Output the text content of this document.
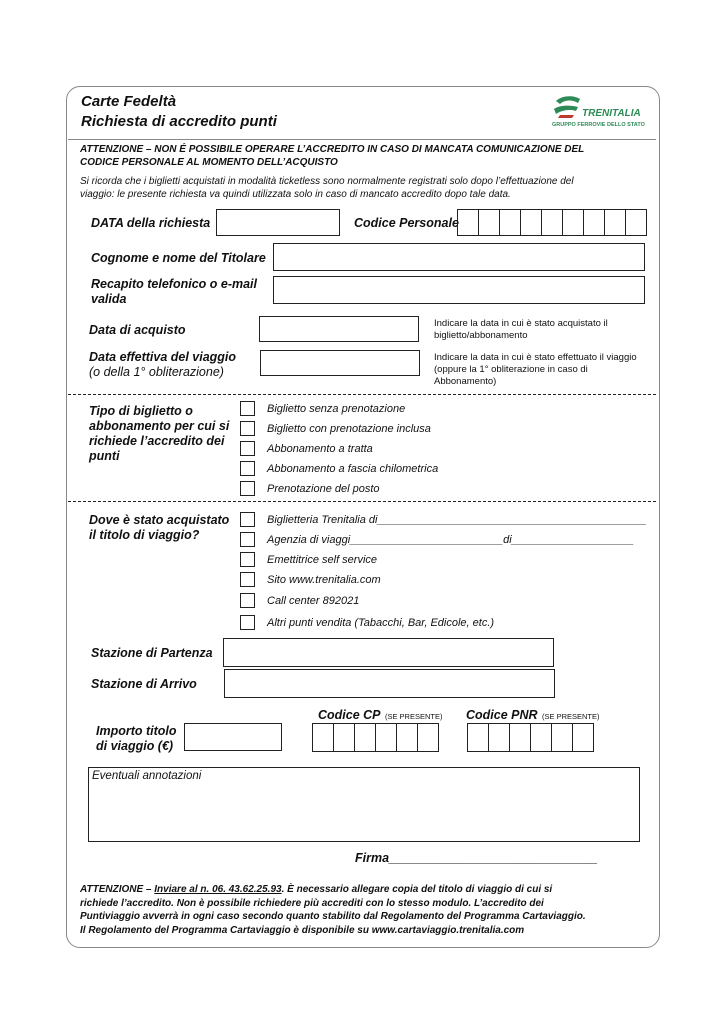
Carte Fedeltà
Richiesta di accredito punti	TRENITALIA
GRUPPO FERROVIE DELLO STATO
ATTENZIONE – NON É POSSIBILE OPERARE L’ACCREDITO IN CASO DI MANCATA COMUNICAZIONE DEL
CODICE PERSONALE AL MOMENTO DELL’ACQUISTO
Si ricorda che i biglietti acquistati in modalità ticketless sono normalmente registrati solo dopo l’effettuazione del
viaggio: le presente richiesta va quindi utilizzata solo in caso di mancato accredito dopo tale data.
DATA della richiesta	Codice Personale
Cognome e nome del Titolare
Recapito telefonico o e-mail
valida
Data di acquisto	Indicare la data in cui è stato acquistato il
biglietto/abbonamento
Data effettiva del viaggio
(o della 1° obliterazione)
Indicare la data in cui è stato effettuato il viaggio
(oppure la 1° obliterazione in caso di
Abbonamento)
Tipo di biglietto o
abbonamento per cui si
richiede l’accredito dei
punti
Biglietto senza prenotazione
Biglietto con prenotazione inclusa
Abbonamento a tratta
Abbonamento a fascia chilometrica
Prenotazione del posto
Dove è stato acquistato
il titolo di viaggio?
Biglietteria Trenitalia di____________________________________________
Agenzia di viaggi_________________________di____________________
Emettitrice self service
Sito www.trenitalia.com
Call center 892021
Altri punti vendita (Tabacchi, Bar, Edicole, etc.)
Stazione di Partenza
Stazione di Arrivo
Importo titolo
di viaggio (€)
Codice CP (SE PRESENTE) Codice PNR (SE PRESENTE)
Eventuali annotazioni
Firma______________________________
ATTENZIONE – Inviare al n. 06. 43.62.25.93. È necessario allegare copia del titolo di viaggio di cui si
richiede l’accredito. Non è possibile richiedere più accrediti con lo stesso modulo. L’accredito dei
Puntiviaggio avverrà in ogni caso secondo quanto stabilito dal Regolamento del Programma Cartaviaggio.
Il Regolamento del Programma Cartaviaggio è disponibile su www.cartaviaggio.trenitalia.com
